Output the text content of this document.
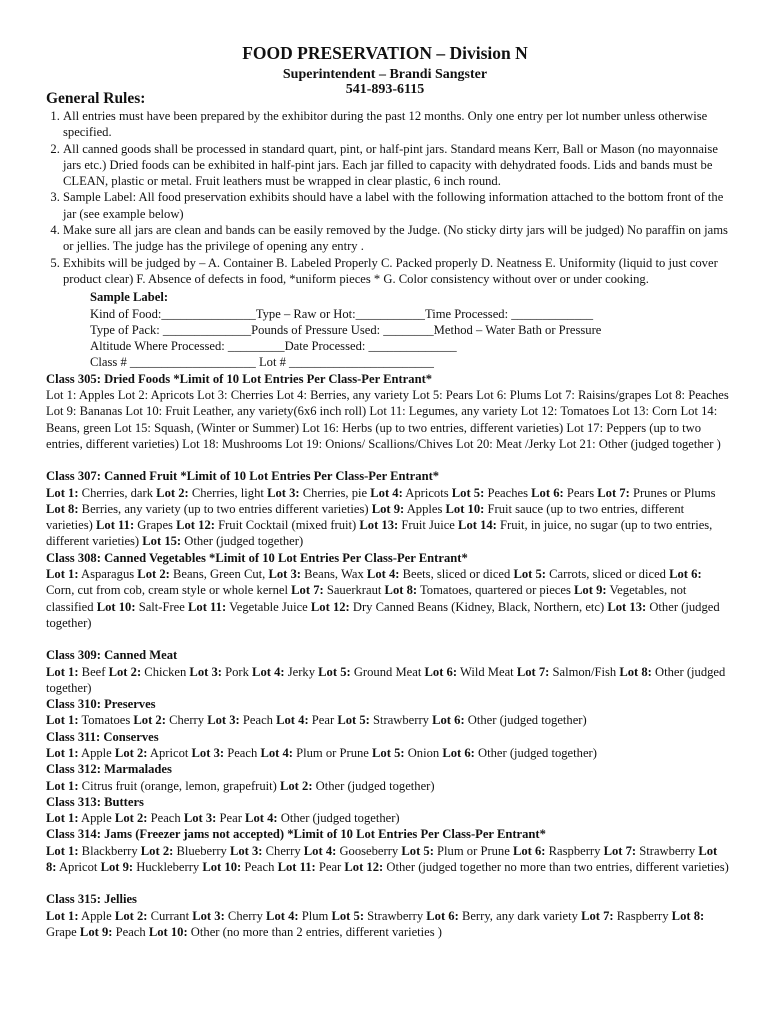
FOOD PRESERVATION – Division N
Superintendent – Brandi Sangster
541-893-6115
General Rules:
1. All entries must have been prepared by the exhibitor during the past 12 months. Only one entry per lot number unless otherwise specified.
2. All canned goods shall be processed in standard quart, pint, or half-pint jars. Standard means Kerr, Ball or Mason (no mayonnaise jars etc.) Dried foods can be exhibited in half-pint jars. Each jar filled to capacity with dehydrated foods. Lids and bands must be CLEAN, plastic or metal. Fruit leathers must be wrapped in clear plastic, 6 inch round.
3. Sample Label: All food preservation exhibits should have a label with the following information attached to the bottom front of the jar (see example below)
4. Make sure all jars are clean and bands can be easily removed by the Judge. (No sticky dirty jars will be judged) No paraffin on jams or jellies. The judge has the privilege of opening any entry .
5. Exhibits will be judged by – A. Container B. Labeled Properly C. Packed properly D. Neatness E. Uniformity (liquid to just cover product clear) F. Absence of defects in food, *uniform pieces * G. Color consistency without over or under cooking.
Sample Label:
Kind of Food:_______________Type – Raw or Hot:___________Time Processed: _____________
Type of Pack: ______________Pounds of Pressure Used: ________Method – Water Bath or Pressure
Altitude Where Processed: _________Date Processed: ______________
Class # ____________________ Lot # _______________________
Class 305: Dried Foods *Limit of 10 Lot Entries Per Class-Per Entrant*
Lot 1: Apples Lot 2: Apricots Lot 3: Cherries Lot 4: Berries, any variety Lot 5: Pears Lot 6: Plums Lot 7: Raisins/grapes Lot 8: Peaches Lot 9: Bananas Lot 10: Fruit Leather, any variety(6x6 inch roll) Lot 11: Legumes, any variety Lot 12: Tomatoes Lot 13: Corn Lot 14: Beans, green Lot 15: Squash, (Winter or Summer) Lot 16: Herbs (up to two entries, different varieties) Lot 17: Peppers (up to two entries, different varieties) Lot 18: Mushrooms Lot 19: Onions/ Scallions/Chives Lot 20: Meat /Jerky Lot 21: Other (judged together )
Class 307: Canned Fruit *Limit of 10 Lot Entries Per Class-Per Entrant*
Lot 1: Cherries, dark Lot 2: Cherries, light Lot 3: Cherries, pie Lot 4: Apricots Lot 5: Peaches Lot 6: Pears Lot 7: Prunes or Plums Lot 8: Berries, any variety (up to two entries different varieties) Lot 9: Apples Lot 10: Fruit sauce (up to two entries, different varieties) Lot 11: Grapes Lot 12: Fruit Cocktail (mixed fruit) Lot 13: Fruit Juice Lot 14: Fruit, in juice, no sugar (up to two entries, different varieties) Lot 15: Other (judged together)
Class 308: Canned Vegetables *Limit of 10 Lot Entries Per Class-Per Entrant*
Lot 1: Asparagus Lot 2: Beans, Green Cut, Lot 3: Beans, Wax Lot 4: Beets, sliced or diced Lot 5: Carrots, sliced or diced Lot 6: Corn, cut from cob, cream style or whole kernel Lot 7: Sauerkraut Lot 8: Tomatoes, quartered or pieces Lot 9: Vegetables, not classified Lot 10: Salt-Free Lot 11: Vegetable Juice Lot 12: Dry Canned Beans (Kidney, Black, Northern, etc) Lot 13: Other (judged together)
Class 309: Canned Meat
Lot 1: Beef Lot 2: Chicken Lot 3: Pork Lot 4: Jerky Lot 5: Ground Meat Lot 6: Wild Meat Lot 7: Salmon/Fish Lot 8: Other (judged together)
Class 310: Preserves
Lot 1: Tomatoes Lot 2: Cherry Lot 3: Peach Lot 4: Pear Lot 5: Strawberry Lot 6: Other (judged together)
Class 311: Conserves
Lot 1: Apple Lot 2: Apricot Lot 3: Peach Lot 4: Plum or Prune Lot 5: Onion Lot 6: Other (judged together)
Class 312: Marmalades
Lot 1: Citrus fruit (orange, lemon, grapefruit) Lot 2: Other (judged together)
Class 313: Butters
Lot 1: Apple Lot 2: Peach Lot 3: Pear Lot 4: Other (judged together)
Class 314: Jams (Freezer jams not accepted) *Limit of 10 Lot Entries Per Class-Per Entrant*
Lot 1: Blackberry Lot 2: Blueberry Lot 3: Cherry Lot 4: Gooseberry Lot 5: Plum or Prune Lot 6: Raspberry Lot 7: Strawberry Lot 8: Apricot Lot 9: Huckleberry Lot 10: Peach Lot 11: Pear Lot 12: Other (judged together no more than two entries, different varieties)
Class 315: Jellies
Lot 1: Apple Lot 2: Currant Lot 3: Cherry Lot 4: Plum Lot 5: Strawberry Lot 6: Berry, any dark variety Lot 7: Raspberry Lot 8: Grape Lot 9: Peach Lot 10: Other (no more than 2 entries, different varieties )
